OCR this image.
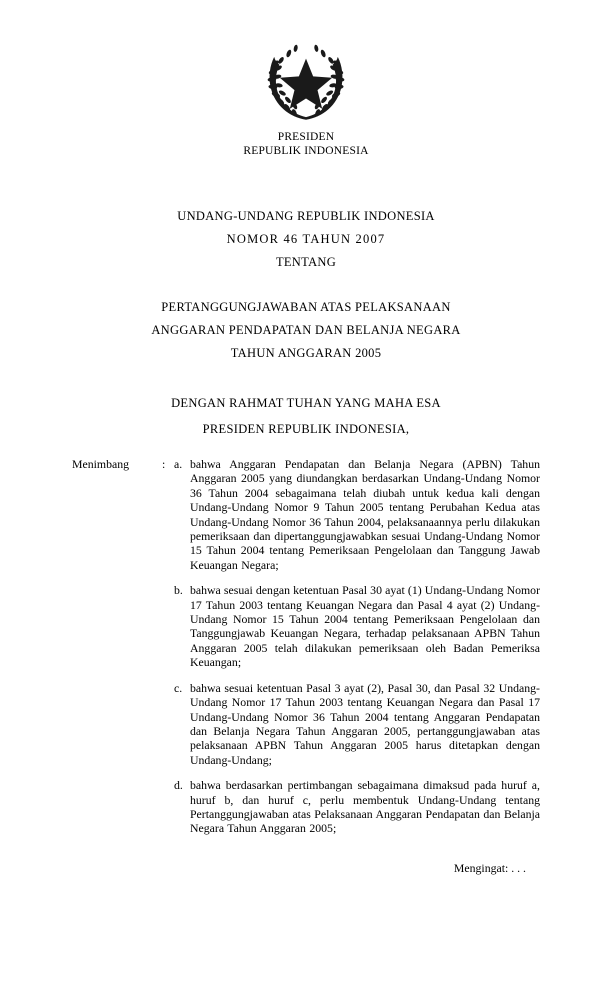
PRESIDEN
REPUBLIK INDONESIA
UNDANG-UNDANG REPUBLIK INDONESIA
NOMOR 46 TAHUN 2007
TENTANG
PERTANGGUNGJAWABAN ATAS PELAKSANAAN
ANGGARAN PENDAPATAN DAN BELANJA NEGARA
TAHUN ANGGARAN 2005
DENGAN RAHMAT TUHAN YANG MAHA ESA
PRESIDEN REPUBLIK INDONESIA,
Menimbang	: a. bahwa Anggaran Pendapatan dan Belanja Negara (APBN) Tahun Anggaran 2005 yang diundangkan berdasarkan Undang-Undang Nomor 36 Tahun 2004 sebagaimana telah diubah untuk kedua kali dengan Undang-Undang Nomor 9 Tahun 2005 tentang Perubahan Kedua atas Undang-Undang Nomor 36 Tahun 2004, pelaksanaannya perlu dilakukan pemeriksaan dan dipertanggungjawabkan sesuai Undang-Undang Nomor 15 Tahun 2004 tentang Pemeriksaan Pengelolaan dan Tanggung Jawab Keuangan Negara;
b. bahwa sesuai dengan ketentuan Pasal 30 ayat (1) Undang-Undang Nomor 17 Tahun 2003 tentang Keuangan Negara dan Pasal 4 ayat (2) Undang-Undang Nomor 15 Tahun 2004 tentang Pemeriksaan Pengelolaan dan Tanggungjawab Keuangan Negara, terhadap pelaksanaan APBN Tahun Anggaran 2005 telah dilakukan pemeriksaan oleh Badan Pemeriksa Keuangan;
c. bahwa sesuai ketentuan Pasal 3 ayat (2), Pasal 30, dan Pasal 32 Undang-Undang Nomor 17 Tahun 2003 tentang Keuangan Negara dan Pasal 17 Undang-Undang Nomor 36 Tahun 2004 tentang Anggaran Pendapatan dan Belanja Negara Tahun Anggaran 2005, pertanggungjawaban atas pelaksanaan APBN Tahun Anggaran 2005 harus ditetapkan dengan Undang-Undang;
d. bahwa berdasarkan pertimbangan sebagaimana dimaksud pada huruf a, huruf b, dan huruf c, perlu membentuk Undang-Undang tentang Pertanggungjawaban atas Pelaksanaan Anggaran Pendapatan dan Belanja Negara Tahun Anggaran 2005;
Mengingat: . . .
